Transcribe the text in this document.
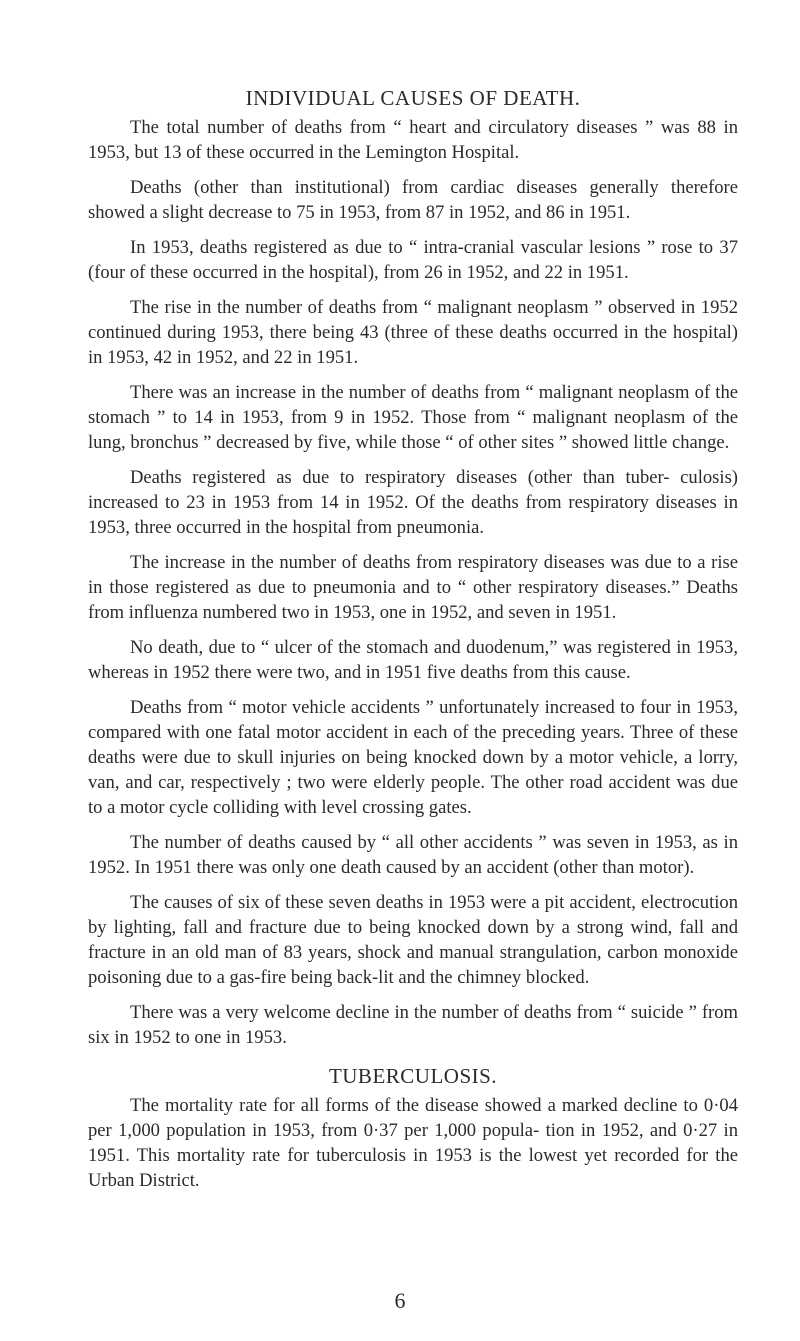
INDIVIDUAL CAUSES OF DEATH.

The total number of deaths from “ heart and circulatory diseases ” was 88 in 1953, but 13 of these occurred in the Lemington Hospital.

Deaths (other than institutional) from cardiac diseases generally therefore showed a slight decrease to 75 in 1953, from 87 in 1952, and 86 in 1951.

In 1953, deaths registered as due to “ intra-cranial vascular lesions ” rose to 37 (four of these occurred in the hospital), from 26 in 1952, and 22 in 1951.

The rise in the number of deaths from “ malignant neoplasm ” observed in 1952 continued during 1953, there being 43 (three of these deaths occurred in the hospital) in 1953, 42 in 1952, and 22 in 1951.

There was an increase in the number of deaths from “ malignant neoplasm of the stomach ” to 14 in 1953, from 9 in 1952. Those from “ malignant neoplasm of the lung, bronchus ” decreased by five, while those “ of other sites ” showed little change.

Deaths registered as due to respiratory diseases (other than tuber- culosis) increased to 23 in 1953 from 14 in 1952. Of the deaths from respiratory diseases in 1953, three occurred in the hospital from pneumonia.

The increase in the number of deaths from respiratory diseases was due to a rise in those registered as due to pneumonia and to “ other respiratory diseases.” Deaths from influenza numbered two in 1953, one in 1952, and seven in 1951.

No death, due to “ ulcer of the stomach and duodenum,” was registered in 1953, whereas in 1952 there were two, and in 1951 five deaths from this cause.

Deaths from “ motor vehicle accidents ” unfortunately increased to four in 1953, compared with one fatal motor accident in each of the preceding years. Three of these deaths were due to skull injuries on being knocked down by a motor vehicle, a lorry, van, and car, respectively ; two were elderly people. The other road accident was due to a motor cycle colliding with level crossing gates.

The number of deaths caused by “ all other accidents ” was seven in 1953, as in 1952. In 1951 there was only one death caused by an accident (other than motor).

The causes of six of these seven deaths in 1953 were a pit accident, electrocution by lighting, fall and fracture due to being knocked down by a strong wind, fall and fracture in an old man of 83 years, shock and manual strangulation, carbon monoxide poisoning due to a gas-fire being back-lit and the chimney blocked.

There was a very welcome decline in the number of deaths from “ suicide ” from six in 1952 to one in 1953.

TUBERCULOSIS.

The mortality rate for all forms of the disease showed a marked decline to 0·04 per 1,000 population in 1953, from 0·37 per 1,000 popula- tion in 1952, and 0·27 in 1951. This mortality rate for tuberculosis in 1953 is the lowest yet recorded for the Urban District.

6
